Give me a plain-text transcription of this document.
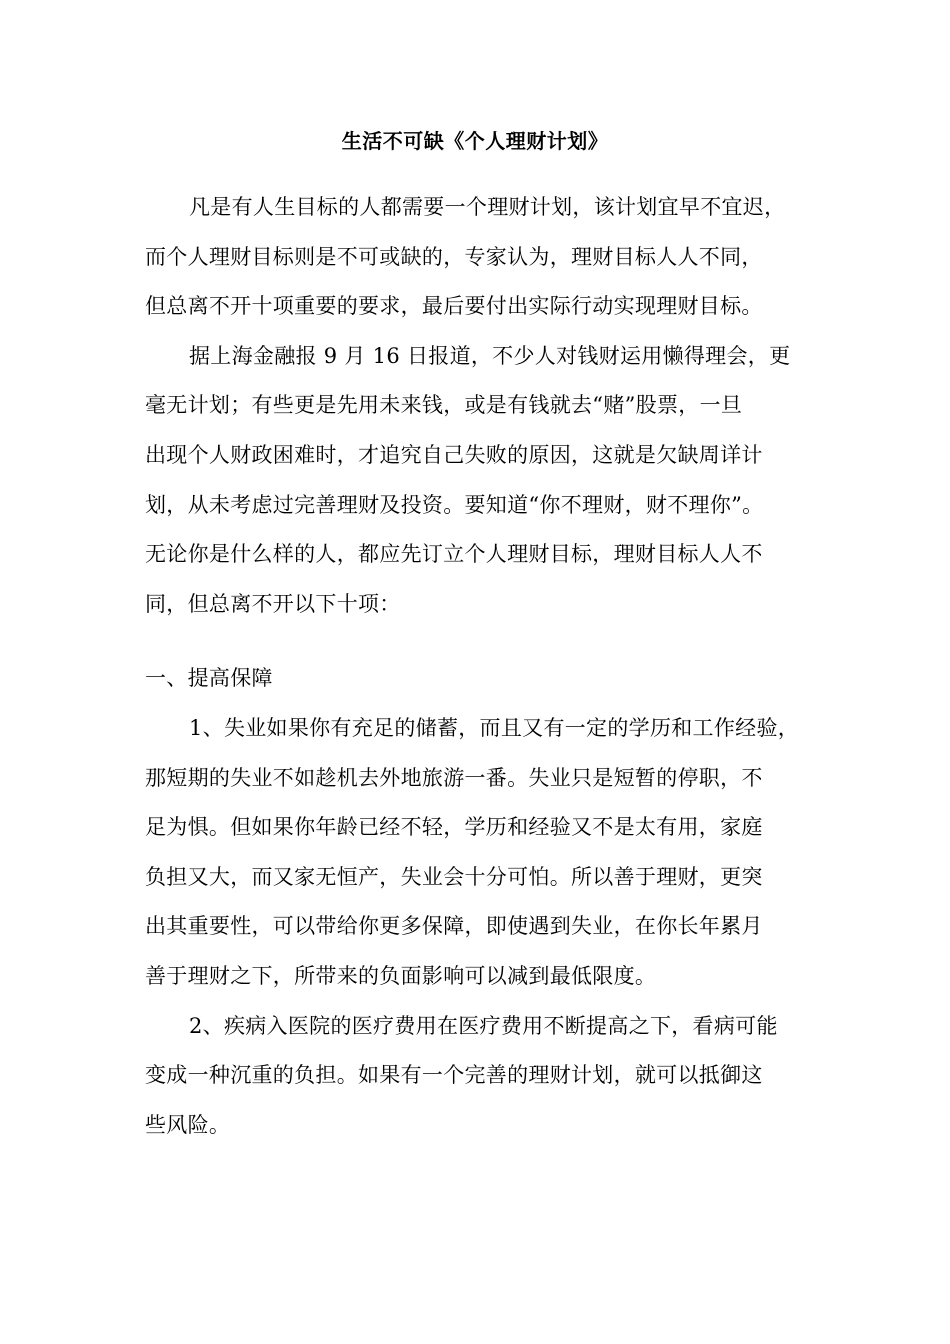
生活不可缺《个人理财计划》
凡是有人生目标的人都需要一个理财计划，该计划宜早不宜迟，
而个人理财目标则是不可或缺的，专家认为，理财目标人人不同，
但总离不开十项重要的要求，最后要付出实际行动实现理财目标。
据上海金融报 9 月 16 日报道，不少人对钱财运用懒得理会，更
毫无计划；有些更是先用未来钱，或是有钱就去“赌”股票，一旦
出现个人财政困难时，才追究自己失败的原因，这就是欠缺周详计
划，从未考虑过完善理财及投资。要知道“你不理财，财不理你”。
无论你是什么样的人，都应先订立个人理财目标，理财目标人人不
同，但总离不开以下十项：
一、提高保障
1、失业如果你有充足的储蓄，而且又有一定的学历和工作经验，
那短期的失业不如趁机去外地旅游一番。失业只是短暂的停职，不
足为惧。但如果你年龄已经不轻，学历和经验又不是太有用，家庭
负担又大，而又家无恒产，失业会十分可怕。所以善于理财，更突
出其重要性，可以带给你更多保障，即使遇到失业，在你长年累月
善于理财之下，所带来的负面影响可以减到最低限度。
2、疾病入医院的医疗费用在医疗费用不断提高之下，看病可能
变成一种沉重的负担。如果有一个完善的理财计划，就可以抵御这
些风险。
